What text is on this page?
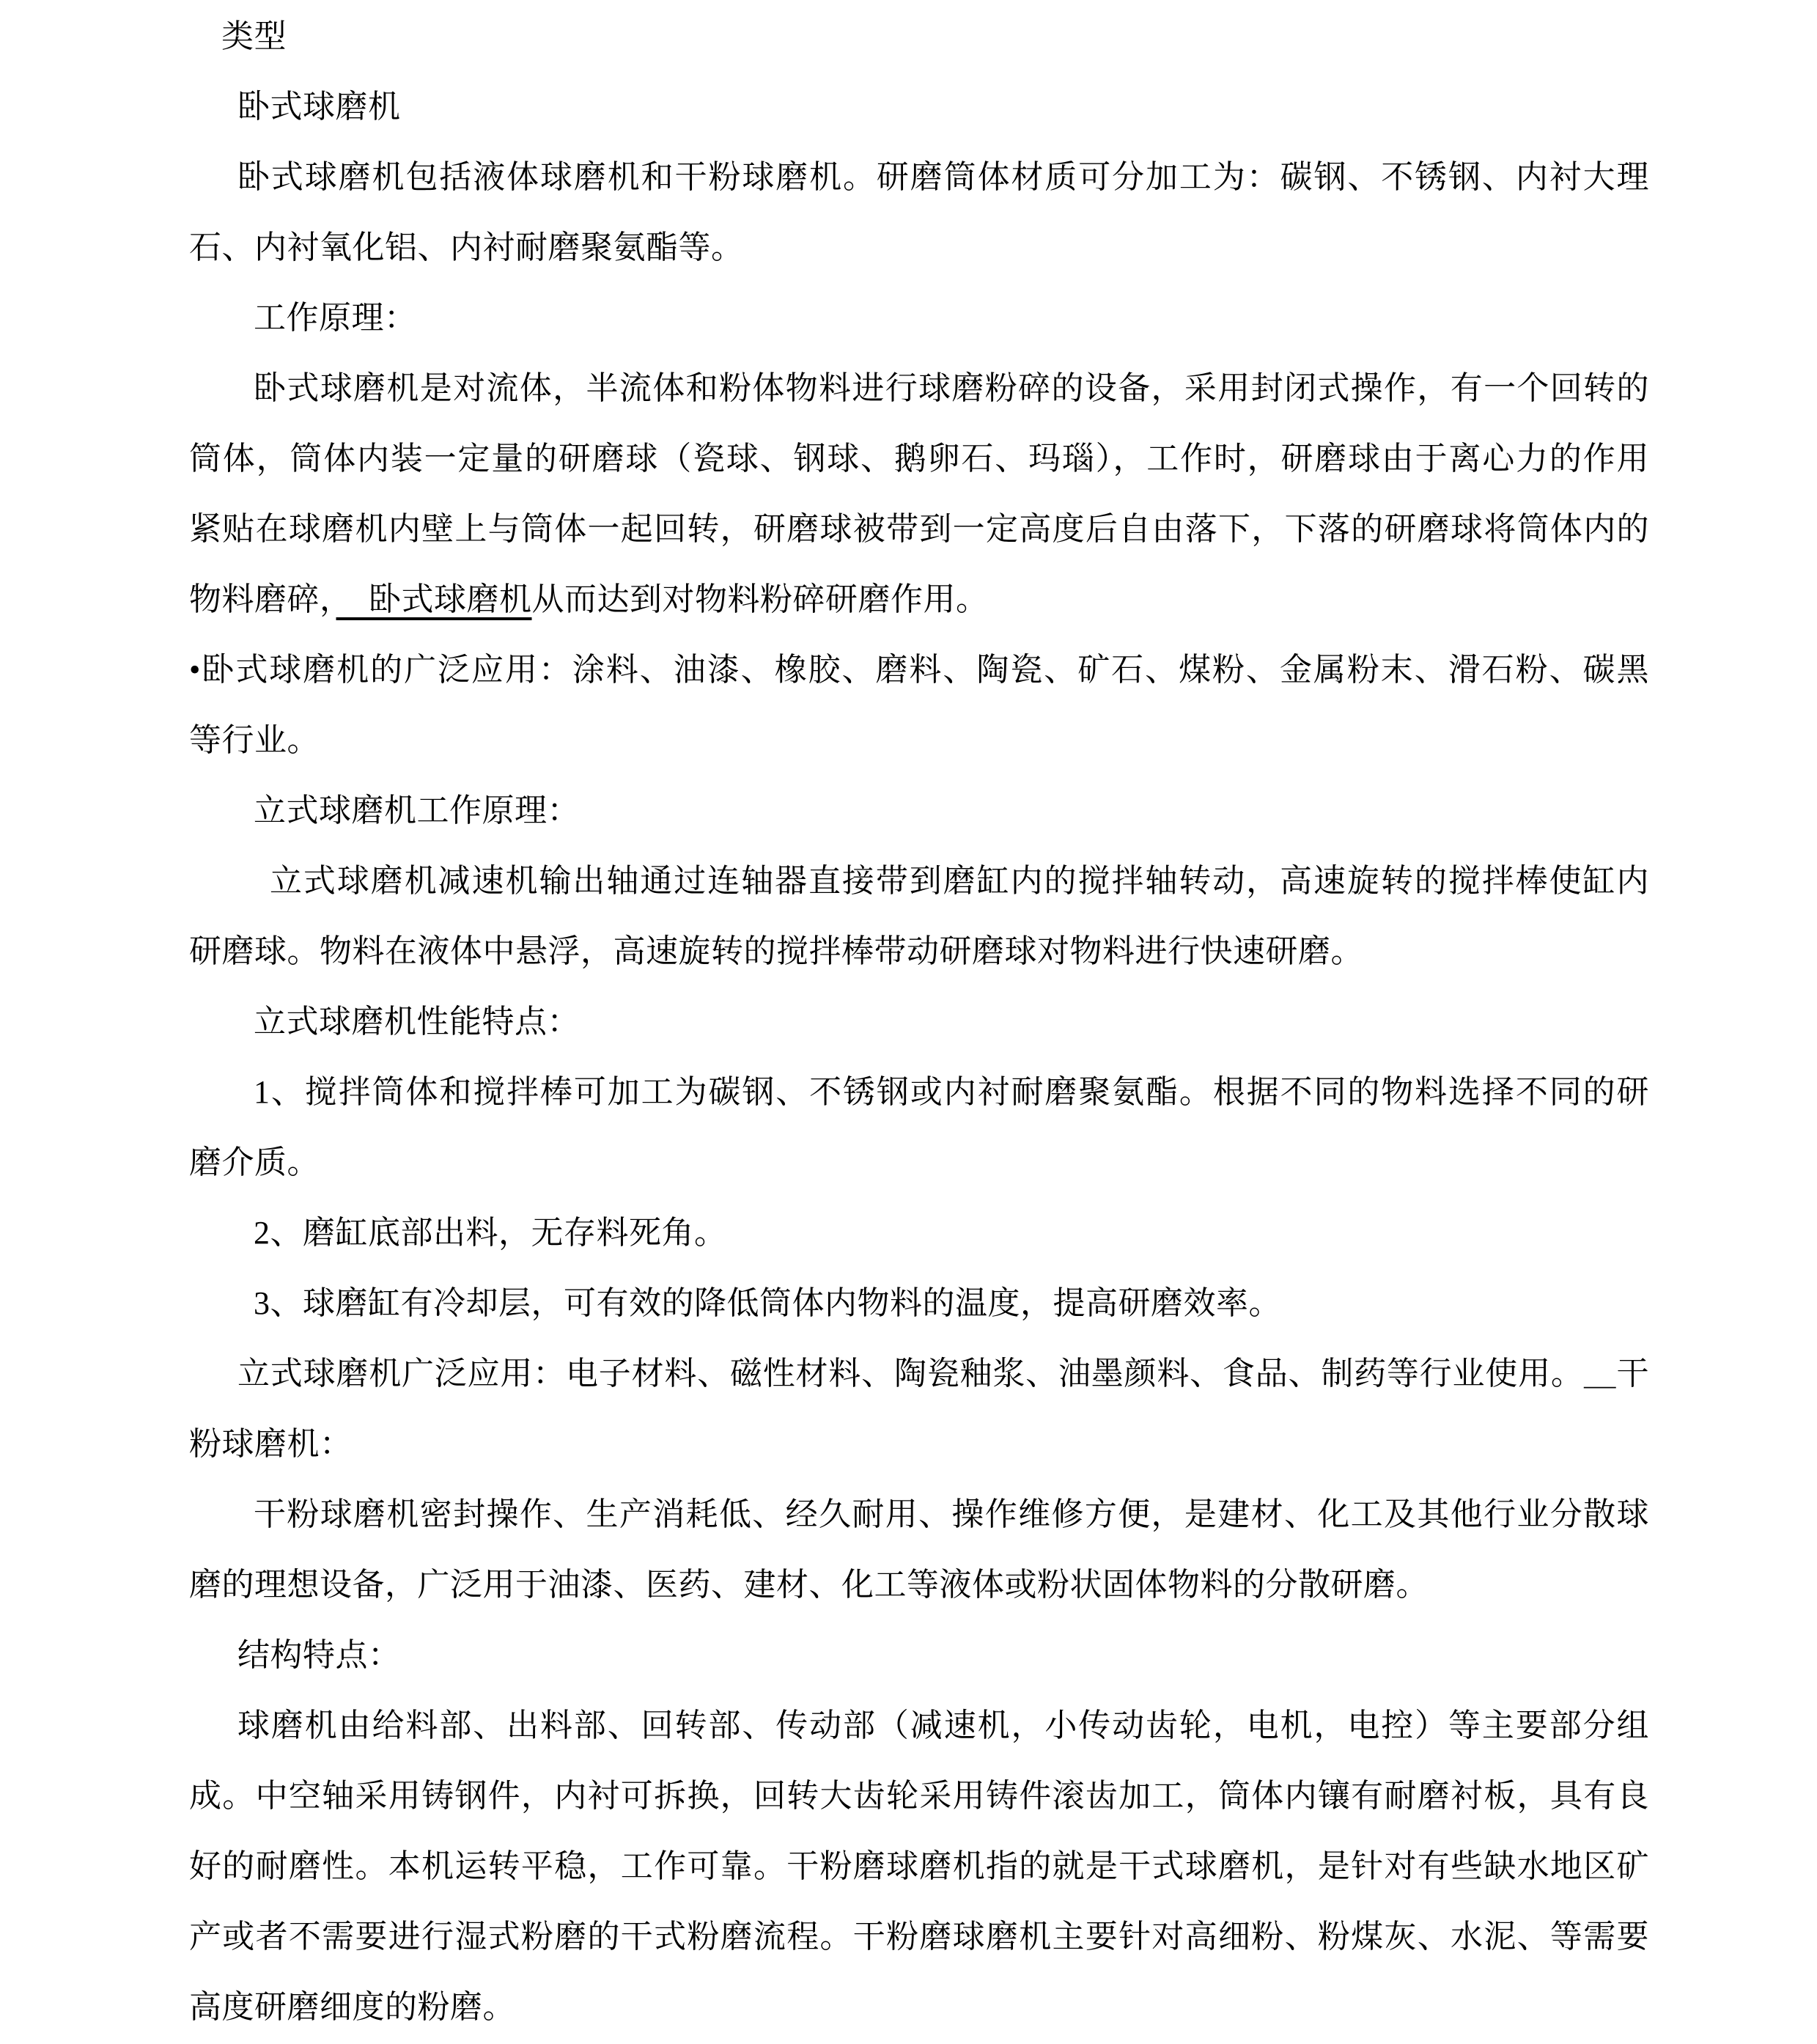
类型

卧式球磨机

卧式球磨机包括液体球磨机和干粉球磨机。研磨筒体材质可分加工为：碳钢、不锈钢、内衬大理
石、内衬氧化铝、内衬耐磨聚氨酯等。

工作原理：

卧式球磨机是对流体，半流体和粉体物料进行球磨粉碎的设备，采用封闭式操作，有一个回转的
筒体，筒体内装一定量的研磨球（瓷球、钢球、鹅卵石、玛瑙），工作时，研磨球由于离心力的作用
紧贴在球磨机内壁上与筒体一起回转，研磨球被带到一定高度后自由落下，下落的研磨球将筒体内的
物料磨碎，　卧式球磨机从而达到对物料粉碎研磨作用。

•卧式球磨机的广泛应用：涂料、油漆、橡胶、磨料、陶瓷、矿石、煤粉、金属粉末、滑石粉、碳黑
等行业。

立式球磨机工作原理：

立式球磨机减速机输出轴通过连轴器直接带到磨缸内的搅拌轴转动，高速旋转的搅拌棒使缸内
研磨球。物料在液体中悬浮，高速旋转的搅拌棒带动研磨球对物料进行快速研磨。

立式球磨机性能特点：

1、搅拌筒体和搅拌棒可加工为碳钢、不锈钢或内衬耐磨聚氨酯。根据不同的物料选择不同的研
磨介质。

2、磨缸底部出料，无存料死角。

3、球磨缸有冷却层，可有效的降低筒体内物料的温度，提高研磨效率。

立式球磨机广泛应用：电子材料、磁性材料、陶瓷釉浆、油墨颜料、食品、制药等行业使用。＿干
粉球磨机：

干粉球磨机密封操作、生产消耗低、经久耐用、操作维修方便，是建材、化工及其他行业分散球
磨的理想设备，广泛用于油漆、医药、建材、化工等液体或粉状固体物料的分散研磨。

结构特点：

球磨机由给料部、出料部、回转部、传动部（减速机，小传动齿轮，电机，电控）等主要部分组
成。中空轴采用铸钢件，内衬可拆换，回转大齿轮采用铸件滚齿加工，筒体内镶有耐磨衬板，具有良
好的耐磨性。本机运转平稳，工作可靠。干粉磨球磨机指的就是干式球磨机，是针对有些缺水地区矿
产或者不需要进行湿式粉磨的干式粉磨流程。干粉磨球磨机主要针对高细粉、粉煤灰、水泥、等需要
高度研磨细度的粉磨。
